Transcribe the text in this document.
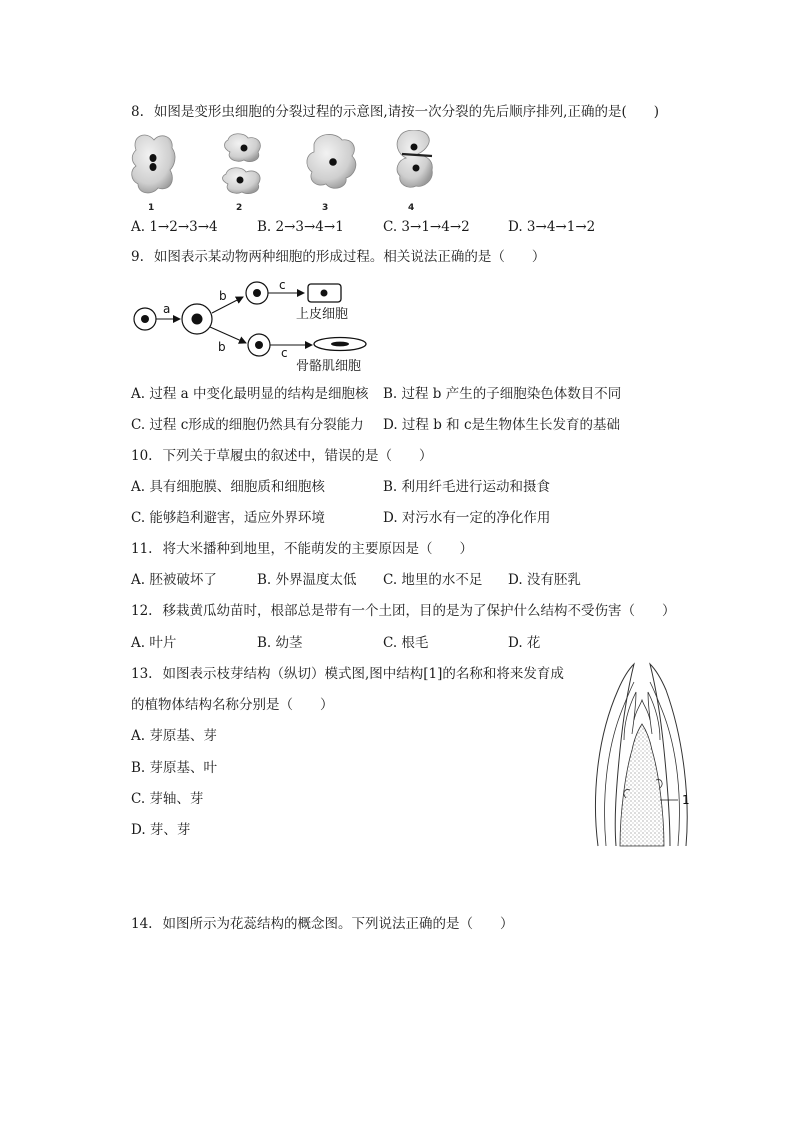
8. 如图是变形虫细胞的分裂过程的示意图,请按一次分裂的先后顺序排列,正确的是(　　)
1	2	3	4
A. 1→2→3→4	B. 2→3→4→1	C. 3→1→4→2	D. 3→4→1→2
9. 如图表示某动物两种细胞的形成过程。相关说法正确的是（　　）
a
b
b
c
c
上皮细胞
骨骼肌细胞
A. 过程 a 中变化最明显的结构是细胞核 B. 过程 b 产生的子细胞染色体数目不同
C. 过程 c形成的细胞仍然具有分裂能力 D. 过程 b 和 c是生物体生长发育的基础
10. 下列关于草履虫的叙述中，错误的是（　　）
A. 具有细胞膜、细胞质和细胞核	B. 利用纤毛进行运动和摄食
C. 能够趋利避害，适应外界环境	D. 对污水有一定的净化作用
11. 将大米播种到地里，不能萌发的主要原因是（　　）
A. 胚被破坏了	B. 外界温度太低 C. 地里的水不足 D. 没有胚乳
12. 移栽黄瓜幼苗时，根部总是带有一个土团，目的是为了保护什么结构不受伤害（　　）
A. 叶片	B. 幼茎	C. 根毛	D. 花
13. 如图表示枝芽结构（纵切）模式图,图中结构[1]的名称和将来发育成
的植物体结构名称分别是（　　）
A. 芽原基、芽
B. 芽原基、叶
C. 芽轴、芽
D. 芽、芽
1
14. 如图所示为花蕊结构的概念图。下列说法正确的是（　　）
